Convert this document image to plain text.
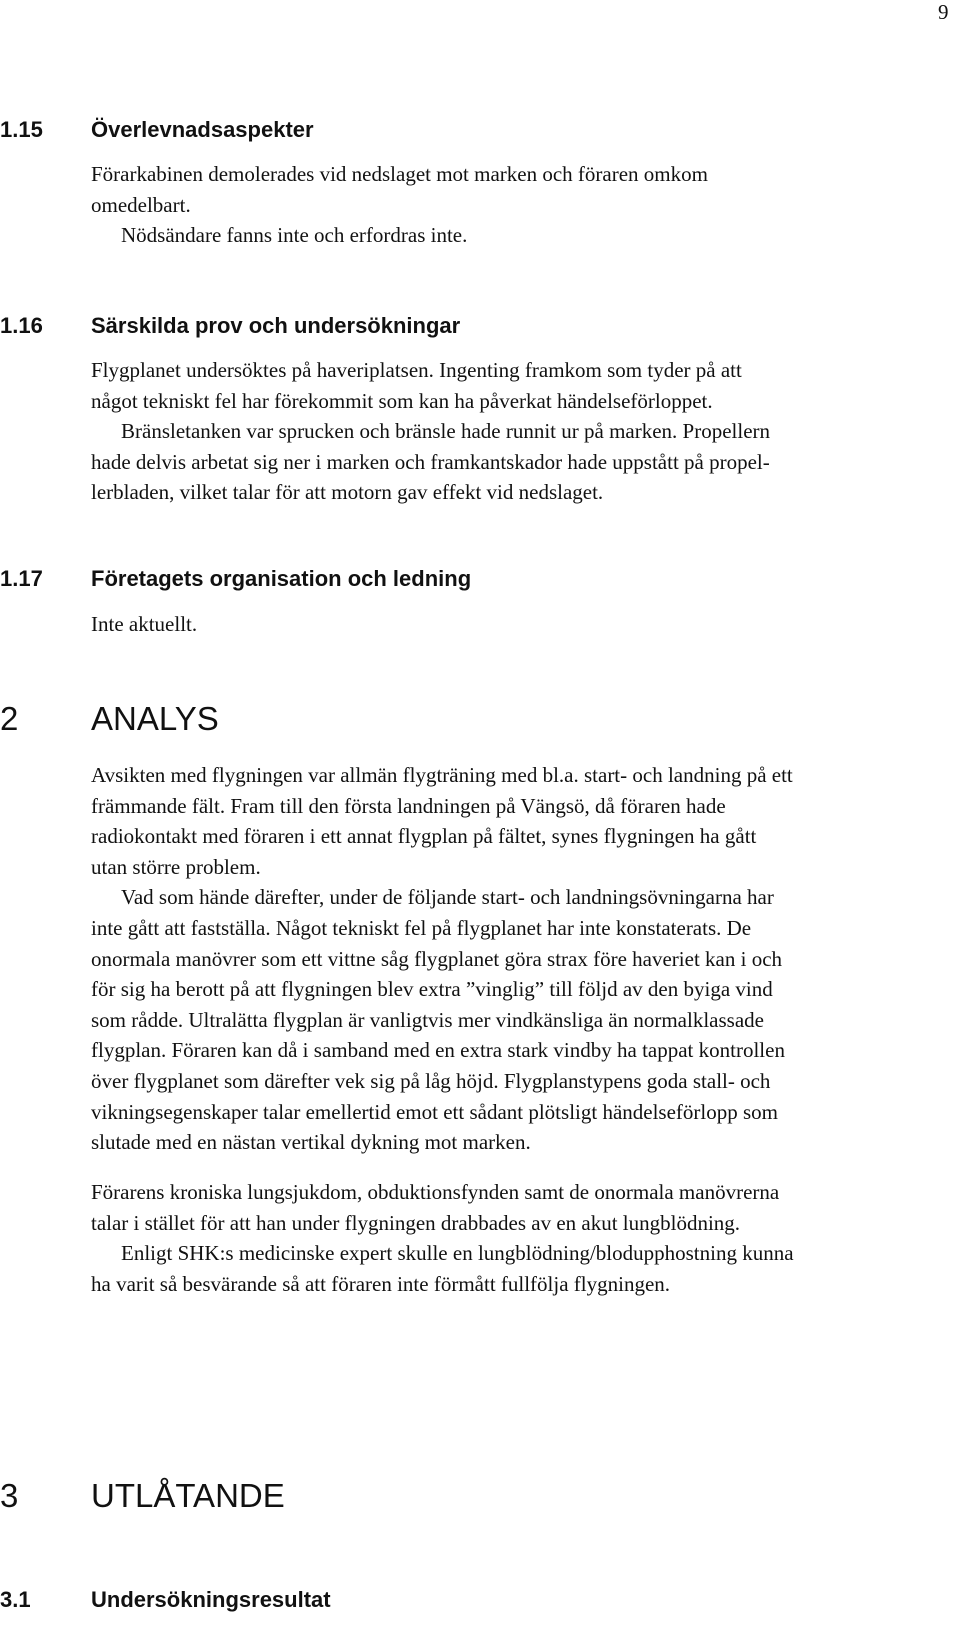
9
1.15 Överlevnadsaspekter
Förarkabinen demolerades vid nedslaget mot marken och föraren omkom
omedelbart.
Nödsändare fanns inte och erfordras inte.
1.16 Särskilda prov och undersökningar
Flygplanet undersöktes på haveriplatsen. Ingenting framkom som tyder på att
något tekniskt fel har förekommit som kan ha påverkat händelseförloppet.
Bränsletanken var sprucken och bränsle hade runnit ur på marken. Propellern
hade delvis arbetat sig ner i marken och framkantskador hade uppstått på propel-
lerbladen, vilket talar för att motorn gav effekt vid nedslaget.
1.17 Företagets organisation och ledning
Inte aktuellt.
2 ANALYS
Avsikten med flygningen var allmän flygträning med bl.a. start- och landning på ett
främmande fält. Fram till den första landningen på Vängsö, då föraren hade
radiokontakt med föraren i ett annat flygplan på fältet, synes flygningen ha gått
utan större problem.
Vad som hände därefter, under de följande start- och landningsövningarna har
inte gått att fastställa. Något tekniskt fel på flygplanet har inte konstaterats. De
onormala manövrer som ett vittne såg flygplanet göra strax före haveriet kan i och
för sig ha berott på att flygningen blev extra ”vinglig” till följd av den byiga vind
som rådde. Ultralätta flygplan är vanligtvis mer vindkänsliga än normalklassade
flygplan. Föraren kan då i samband med en extra stark vindby ha tappat kontrollen
över flygplanet som därefter vek sig på låg höjd. Flygplanstypens goda stall- och
vikningsegenskaper talar emellertid emot ett sådant plötsligt händelseförlopp som
slutade med en nästan vertikal dykning mot marken.
Förarens kroniska lungsjukdom, obduktionsfynden samt de onormala manövrerna
talar i stället för att han under flygningen drabbades av en akut lungblödning.
Enligt SHK:s medicinske expert skulle en lungblödning/blodupphostning kunna
ha varit så besvärande så att föraren inte förmått fullfölja flygningen.
3 UTLÅTANDE
3.1	Undersökningsresultat
